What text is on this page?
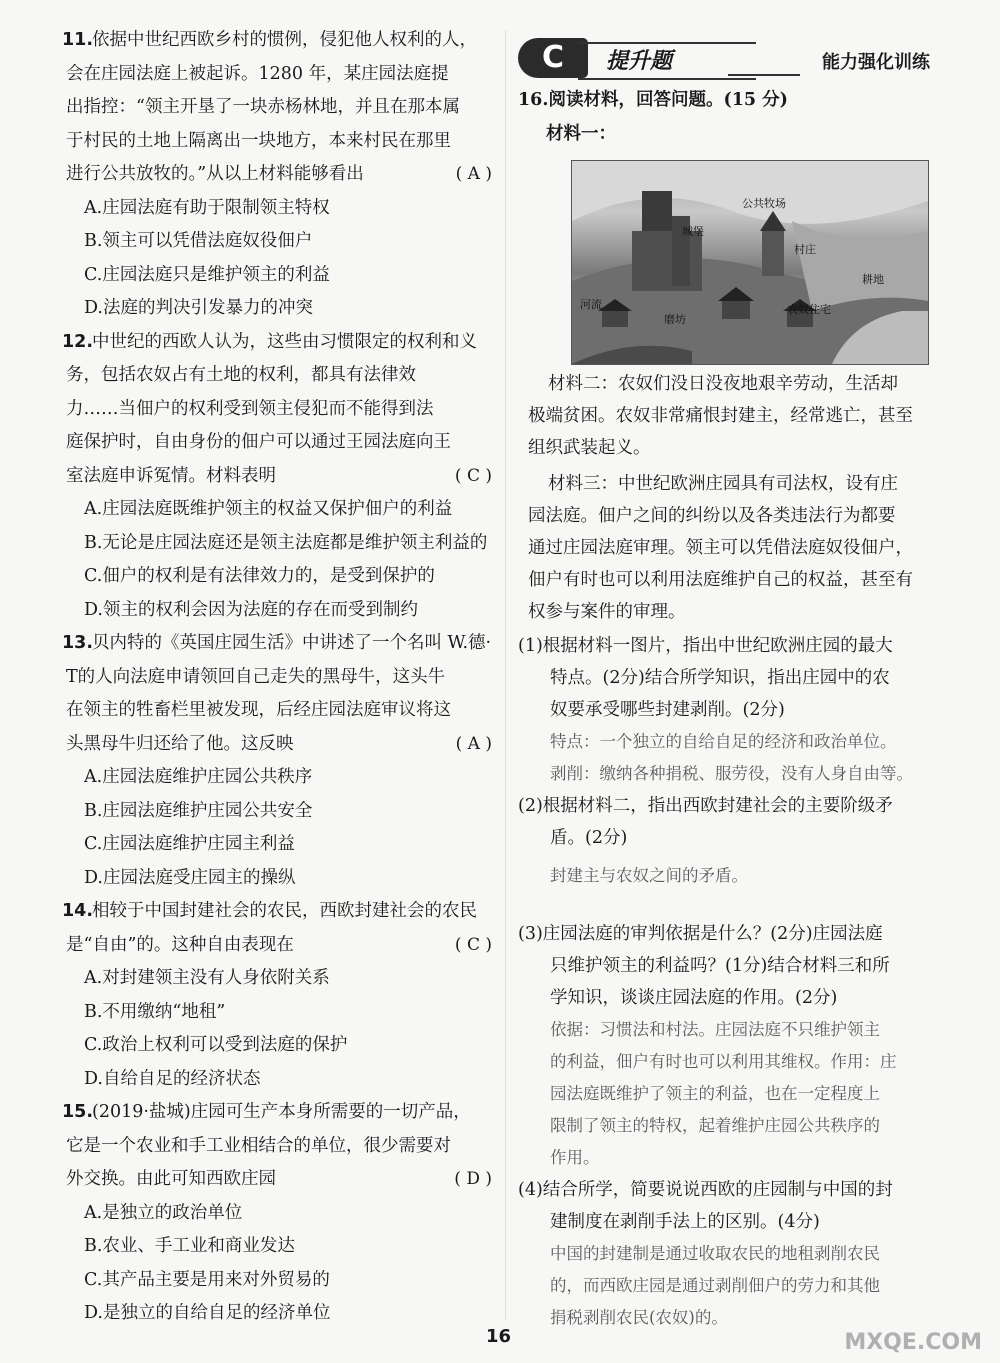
11.
依据中世纪西欧乡村的惯例，侵犯他人权利的人，
会在庄园法庭上被起诉。1280 年，某庄园法庭提
出指控：“领主开垦了一块赤杨林地，并且在那本属
于村民的土地上隔离出一块地方，本来村民在那里
进行公共放牧的。”从以上材料能够看出	( A )
A.庄园法庭有助于限制领主特权
B.领主可以凭借法庭奴役佃户
C.庄园法庭只是维护领主的利益
D.法庭的判决引发暴力的冲突
12.
中世纪的西欧人认为，这些由习惯限定的权利和义
务，包括农奴占有土地的权利，都具有法律效
力……当佃户的权利受到领主侵犯而不能得到法
庭保护时，自由身份的佃户可以通过王园法庭向王
室法庭申诉冤情。材料表明	( C )
A.庄园法庭既维护领主的权益又保护佃户的利益
B.无论是庄园法庭还是领主法庭都是维护领主利益的
C.佃户的权利是有法律效力的，是受到保护的
D.领主的权利会因为法庭的存在而受到制约
13.
贝内特的《英国庄园生活》中讲述了一个名叫 W.德·
T的人向法庭申请领回自己走失的黑母牛，这头牛
在领主的牲畜栏里被发现，后经庄园法庭审议将这
头黑母牛归还给了他。这反映	( A )
A.庄园法庭维护庄园公共秩序
B.庄园法庭维护庄园公共安全
C.庄园法庭维护庄园主利益
D.庄园法庭受庄园主的操纵
14.
相较于中国封建社会的农民，西欧封建社会的农民
是“自由”的。这种自由表现在	( C )
A.对封建领主没有人身依附关系
B.不用缴纳“地租”
C.政治上权利可以受到法庭的保护
D.自给自足的经济状态
15.
(2019·盐城)庄园可生产本身所需要的一切产品，
它是一个农业和手工业相结合的单位，很少需要对
外交换。由此可知西欧庄园	( D )
A.是独立的政治单位
B.农业、手工业和商业发达
C.其产品主要是用来对外贸易的
D.是独立的自给自足的经济单位
C	提升题	能力强化训练
16.阅读材料，回答问题。(15 分)
材料一：
材料二：农奴们没日没夜地艰辛劳动，生活却
极端贫困。农奴非常痛恨封建主，经常逃亡，甚至
组织武装起义。
材料三：中世纪欧洲庄园具有司法权，设有庄
园法庭。佃户之间的纠纷以及各类违法行为都要
通过庄园法庭审理。领主可以凭借法庭奴役佃户，
佃户有时也可以利用法庭维护自己的权益，甚至有
权参与案件的审理。
(1)根据材料一图片，指出中世纪欧洲庄园的最大
特点。(2分)结合所学知识，指出庄园中的农
奴要承受哪些封建剥削。(2分)
特点：一个独立的自给自足的经济和政治单位。
剥削：缴纳各种捐税、服劳役，没有人身自由等。
(2)根据材料二，指出西欧封建社会的主要阶级矛
盾。(2分)
封建主与农奴之间的矛盾。
(3)庄园法庭的审判依据是什么？(2分)庄园法庭
只维护领主的利益吗？(1分)结合材料三和所
学知识，谈谈庄园法庭的作用。(2分)
依据：习惯法和村法。庄园法庭不只维护领主
的利益，佃户有时也可以利用其维权。作用：庄
园法庭既维护了领主的利益，也在一定程度上
限制了领主的特权，起着维护庄园公共秩序的
作用。
(4)结合所学，简要说说西欧的庄园制与中国的封
建制度在剥削手法上的区别。(4分)
中国的封建制是通过收取农民的地租剥削农民
的，而西欧庄园是通过剥削佃户的劳力和其他
捐税剥削农民(农奴)的。
公共牧场
城堡
村庄
耕地
磨坊
农奴住宅
河流
16	MXQE.COM
